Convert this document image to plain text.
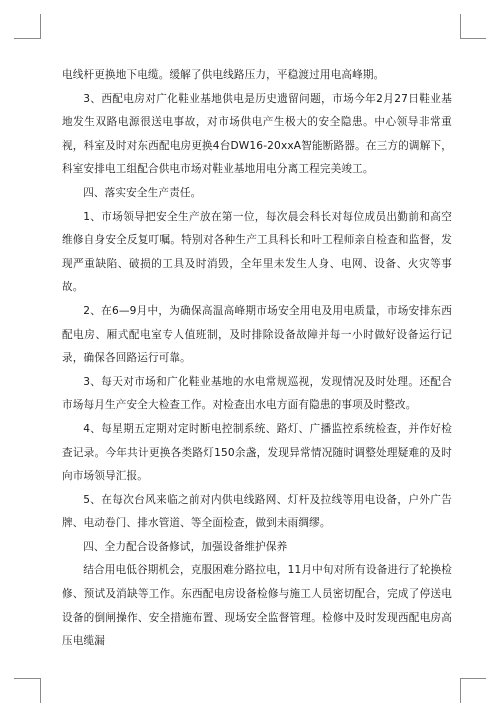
电线杆更换地下电缆。缓解了供电线路压力，平稳渡过用电高峰期。

3、西配电房对广化鞋业基地供电是历史遗留问题，市场今年2月27日鞋业基地发生双路电源很送电事故，对市场供电产生极大的安全隐患。中心领导非常重视，科室及时对东西配电房更换4台DW16-20xxA智能断路器。在三方的调解下，科室安排电工组配合供电市场对鞋业基地用电分离工程完美竣工。

四、落实安全生产责任。

1、市场领导把安全生产放在第一位，每次晨会科长对每位成员出勤前和高空维修自身安全反复叮嘱。特别对各种生产工具科长和叶工程师亲自检查和监督，发现严重缺陷、破损的工具及时消毁，全年里未发生人身、电网、设备、火灾等事故。

2、在6—9月中，为确保高温高峰期市场安全用电及用电质量，市场安排东西配电房、厢式配电室专人值班制，及时排除设备故障并每一小时做好设备运行记录，确保各回路运行可靠。

3、每天对市场和广化鞋业基地的水电常规巡视，发现情况及时处理。还配合市场每月生产安全大检查工作。对检查出水电方面有隐患的事项及时整改。

4、每星期五定期对定时断电控制系统、路灯、广播监控系统检查，并作好检查记录。今年共计更换各类路灯150余盏，发现异常情况随时调整处理疑难的及时向市场领导汇报。

5、在每次台风来临之前对内供电线路网、灯杆及拉线等用电设备，户外广告牌、电动卷门、排水管道、等全面检查，做到未雨绸缪。

四、全力配合设备修试，加强设备维护保养

结合用电低谷期机会，克服困难分路拉电，11月中旬对所有设备进行了轮换检修、预试及消缺等工作。东西配电房设备检修与施工人员密切配合，完成了停送电设备的倒闸操作、安全措施布置、现场安全监督管理。检修中及时发现西配电房高压电缆漏
